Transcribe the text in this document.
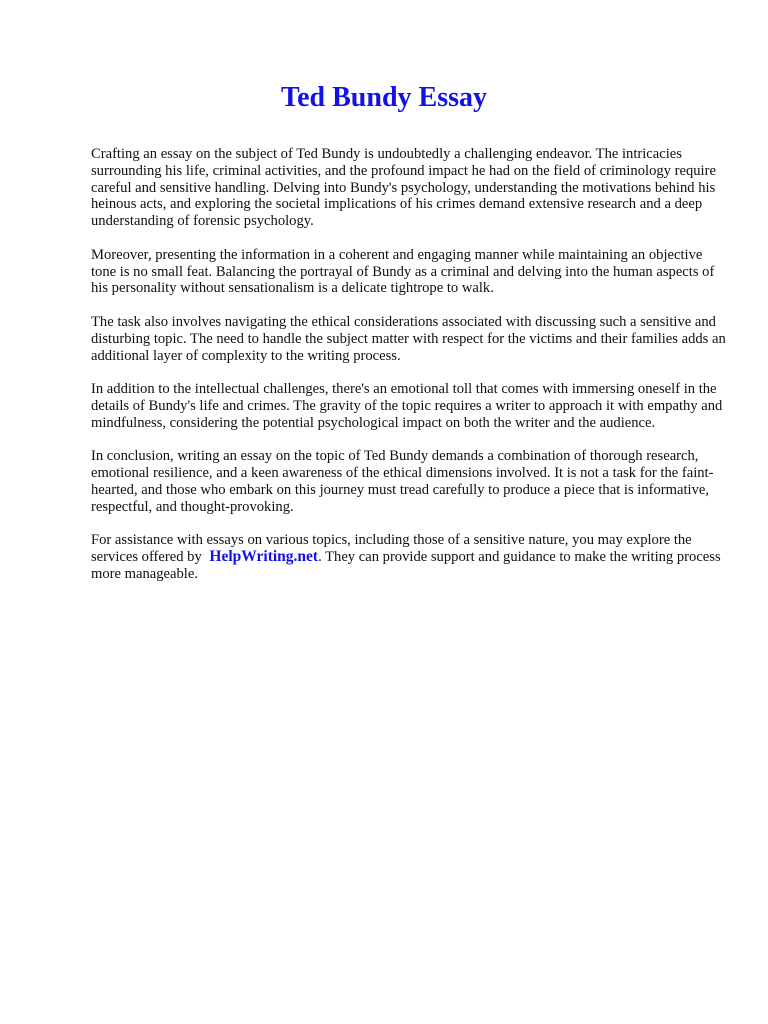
Ted Bundy Essay

Crafting an essay on the subject of Ted Bundy is undoubtedly a challenging endeavor. The intricacies surrounding his life, criminal activities, and the profound impact he had on the field of criminology require careful and sensitive handling. Delving into Bundy's psychology, understanding the motivations behind his heinous acts, and exploring the societal implications of his crimes demand extensive research and a deep understanding of forensic psychology.

Moreover, presenting the information in a coherent and engaging manner while maintaining an objective tone is no small feat. Balancing the portrayal of Bundy as a criminal and delving into the human aspects of his personality without sensationalism is a delicate tightrope to walk.

The task also involves navigating the ethical considerations associated with discussing such a sensitive and disturbing topic. The need to handle the subject matter with respect for the victims and their families adds an additional layer of complexity to the writing process.

In addition to the intellectual challenges, there's an emotional toll that comes with immersing oneself in the details of Bundy's life and crimes. The gravity of the topic requires a writer to approach it with empathy and mindfulness, considering the potential psychological impact on both the writer and the audience.

In conclusion, writing an essay on the topic of Ted Bundy demands a combination of thorough research, emotional resilience, and a keen awareness of the ethical dimensions involved. It is not a task for the faint-hearted, and those who embark on this journey must tread carefully to produce a piece that is informative, respectful, and thought-provoking.

For assistance with essays on various topics, including those of a sensitive nature, you may explore the services offered by HelpWriting.net. They can provide support and guidance to make the writing process more manageable.
